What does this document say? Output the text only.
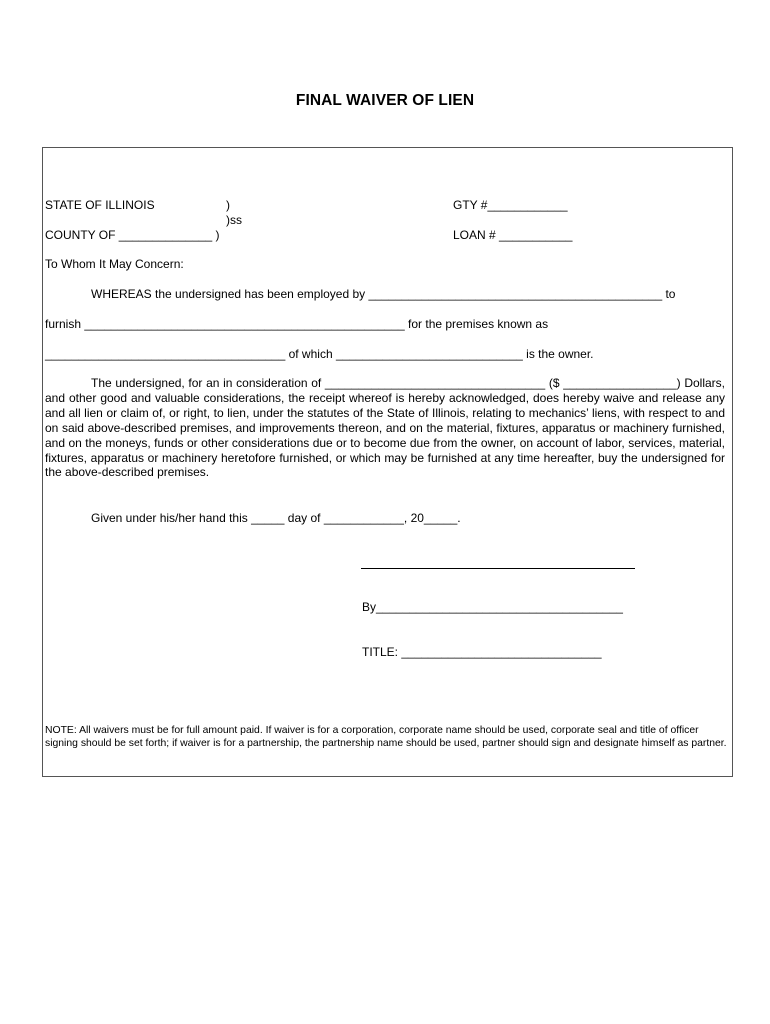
FINAL WAIVER OF LIEN
STATE OF ILLINOIS	)
)ss
COUNTY OF ______________ )
GTY #____________
LOAN # ___________
To Whom It May Concern:
WHEREAS the undersigned has been employed by ____________________________________________ to
furnish ________________________________________________ for the premises known as
____________________________________ of which ____________________________ is the owner.
The undersigned, for an in consideration of _________________________________ ($ _________________) Dollars, and other good and valuable considerations, the receipt whereof is hereby acknowledged, does hereby waive and release any and all lien or claim of, or right, to lien, under the statutes of the State of Illinois, relating to mechanics’ liens, with respect to and on said above-described premises, and improvements thereon, and on the material, fixtures, apparatus or machinery furnished, and on the moneys, funds or other considerations due or to become due from the owner, on account of labor, services, material, fixtures, apparatus or machinery heretofore furnished, or which may be furnished at any time hereafter, buy the undersigned for the above-described premises.
Given under his/her hand this _____ day of ____________, 20_____.
By_____________________________________
TITLE: ______________________________
NOTE: All waivers must be for full amount paid. If waiver is for a corporation, corporate name should be used, corporate seal and title of officer signing should be set forth; if waiver is for a partnership, the partnership name should be used, partner should sign and designate himself as partner.
